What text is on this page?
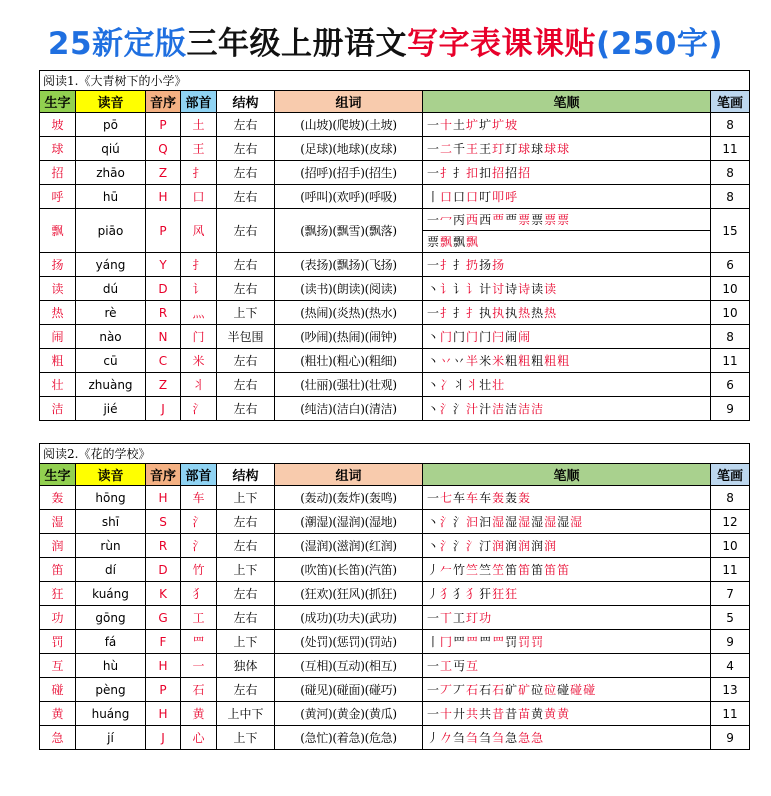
25新定版三年级上册语文写字表课课贴(250字)
阅读1.《大青树下的小学》							
生字	读音	音序	部首	结构	组词	笔顺	笔画
坡	pō	P	土	左右	(山坡)(爬坡)(土坡)	一十土圹圹圹坡	8
球	qiú	Q	王	左右	(足球)(地球)(皮球)	一二千王王玎玎球球球球	11
招	zhāo	Z	扌	左右	(招呼)(招手)(招生)	一扌扌扣扣招招招	8
呼	hū	H	口	左右	(呼叫)(欢呼)(呼吸)	丨口口口叮叩呼	8
飘	piāo	P	风	左右	(飘扬)(飘雪)(飘落)	一冖丙西西覀覀票票票票	15
						票飘飘飘	
扬	yáng	Y	扌	左右	(表扬)(飘扬)(飞扬)	一扌扌扔扬扬	6
读	dú	D	讠	左右	(读书)(朗读)(阅读)	丶讠讠讠计讨诗诗读读	10
热	rè	R	灬	上下	(热闹)(炎热)(热水)	一扌扌扌执执执热热热	10
闹	nào	N	门	半包围	(吵闹)(热闹)(闹钟)	丶门门门门闩闹闹	8
粗	cū	C	米	左右	(粗壮)(粗心)(粗细)	丶丷丷半米米粗粗粗粗粗	11
壮	zhuàng	Z	丬	左右	(壮丽)(强壮)(壮观)	丶冫丬丬壮壮	6
洁	jié	J	氵	左右	(纯洁)(洁白)(清洁)	丶氵氵汁汁洁洁洁洁	9
阅读2.《花的学校》							
生字	读音	音序	部首	结构	组词	笔顺	笔画
轰	hōng	H	车	上下	(轰动)(轰炸)(轰鸣)	一七车车车轰轰轰	8
湿	shī	S	氵	左右	(潮湿)(湿润)(湿地)	丶氵氵汩汩湿湿湿湿湿湿湿	12
润	rùn	R	氵	左右	(湿润)(滋润)(红润)	丶氵氵氵汀润润润润润	10
笛	dí	D	竹	上下	(吹笛)(长笛)(汽笛)	丿𠂉竹竺竺笁笛笛笛笛笛	11
狂	kuáng	K	犭	左右	(狂欢)(狂风)(抓狂)	丿犭犭犭犴狂狂	7
功	gōng	G	工	左右	(成功)(功夫)(武功)	一丅工玎功	5
罚	fá	F	罒	上下	(处罚)(惩罚)(罚站)	丨冂罒罒罒罒罚罚罚	9
互	hù	H	一	独体	(互相)(互动)(相互)	一工丏互	4
碰	pèng	P	石	左右	(碰见)(碰面)(碰巧)	一丆丆石石石矿矿砬砬碰碰碰	13
黄	huáng	H	黄	上中下	(黄河)(黄金)(黄瓜)	一十廾共共昔昔苗黄黄黄	11
急	jí	J	心	上下	(急忙)(着急)(危急)	丿𠂊刍刍刍刍急急急	9
